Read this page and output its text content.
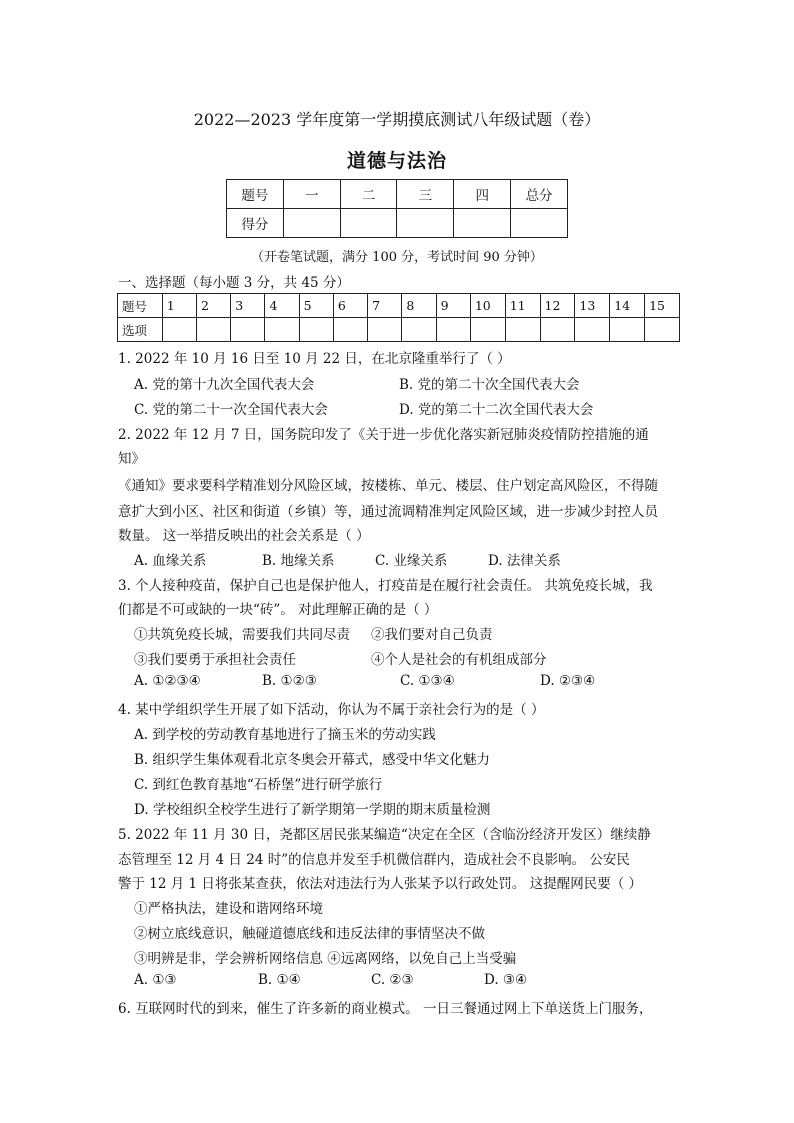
2022—2023 学年度第一学期摸底测试八年级试题（卷）
道德与法治
题号	一	二	三	四	总分
得分					
（开卷笔试题，满分 100 分，考试时间 90 分钟）
一、选择题（每小题 3 分，共 45 分）
题号	1	2	3	4	5	6	7	8	9	10	11	12	13	14	15
选项															
1. 2022 年 10 月 16 日至 10 月 22 日，在北京隆重举行了（ ）
A. 党的第十九次全国代表大会	B. 党的第二十次全国代表大会
C. 党的第二十一次全国代表大会	D. 党的第二十二次全国代表大会
2. 2022 年 12 月 7 日，国务院印发了《关于进一步优化落实新冠肺炎疫情防控措施的通
知》
《通知》要求要科学精准划分风险区域，按楼栋、单元、楼层、住户划定高风险区，不得随
意扩大到小区、社区和街道（乡镇）等，通过流调精准判定风险区域，进一步减少封控人员
数量。 这一举措反映出的社会关系是（ ）
A. 血缘关系	B. 地缘关系	C. 业缘关系	D. 法律关系
3. 个人接种疫苗，保护自己也是保护他人，打疫苗是在履行社会责任。 共筑免疫长城，我
们都是不可或缺的一块“砖”。 对此理解正确的是（ ）
①共筑免疫长城，需要我们共同尽责 ②我们要对自己负责
③我们要勇于承担社会责任	④个人是社会的有机组成部分
A. ①②③④	B. ①②③	C. ①③④	D. ②③④
4. 某中学组织学生开展了如下活动，你认为不属于亲社会行为的是（ ）
A. 到学校的劳动教育基地进行了摘玉米的劳动实践
B. 组织学生集体观看北京冬奥会开幕式，感受中华文化魅力
C. 到红色教育基地“石桥堡”进行研学旅行
D. 学校组织全校学生进行了新学期第一学期的期末质量检测
5. 2022 年 11 月 30 日，尧都区居民张某编造“决定在全区（含临汾经济开发区）继续静
态管理至 12 月 4 日 24 时”的信息并发至手机微信群内，造成社会不良影响。 公安民
警于 12 月 1 日将张某查获，依法对违法行为人张某予以行政处罚。 这提醒网民要（ ）
①严格执法，建设和谐网络环境
②树立底线意识，触碰道德底线和违反法律的事情坚决不做
③明辨是非，学会辨析网络信息 ④远离网络，以免自己上当受骗
A. ①③	B. ①④	C. ②③	D. ③④
6. 互联网时代的到来，催生了许多新的商业模式。 一日三餐通过网上下单送货上门服务，
